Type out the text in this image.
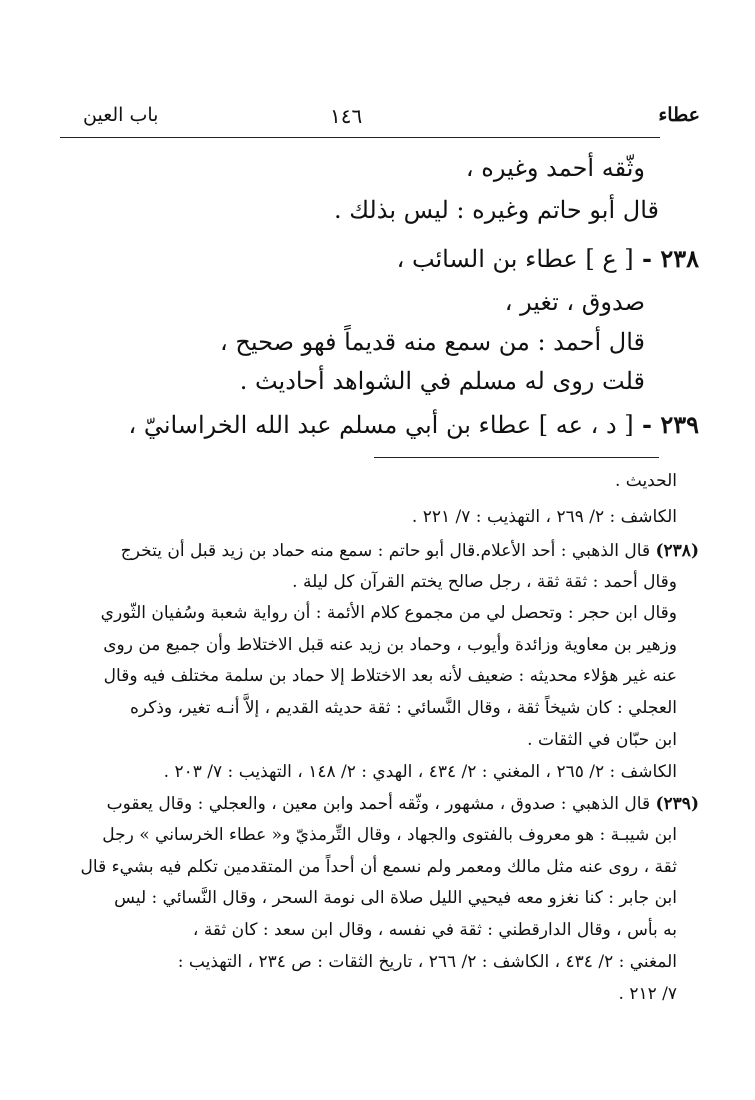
عطاء
١٤٦
باب العين
وثّقه أحمد وغيره ،
قال أبو حاتم وغيره : ليس بذلك .
٢٣٨ - [ ع ] عطاء بن السائب ،
صدوق ، تغير ،
قال أحمد : من سمع منه قديماً فهو صحيح ،
قلت روى له مسلم في الشواهد أحاديث .
٢٣٩ - [ د ، عه ] عطاء بن أبي مسلم عبد الله الخراسانيّ ،
الحديث .
الكاشف : ٢/ ٢٦٩ ، التهذيب : ٧/ ٢٢١ .
(٢٣٨) قال الذهبي : أحد الأعلام.قال أبو حاتم : سمع منه حماد بن زيد قبل أن يتخرج
وقال أحمد : ثقة ثقة ، رجل صالح يختم القرآن كل ليلة .
وقال ابن حجر : وتحصل لي من مجموع كلام الأئمة : أن رواية شعبة وسُفيان الثّوري
وزهير بن معاوية وزائدة وأيوب ، وحماد بن زيد عنه قبل الاختلاط وأن جميع من روى
عنه غير هؤلاء محديثه : ضعيف لأنه بعد الاختلاط إلا حماد بن سلمة مختلف فيه وقال
العجلي : كان شيخاً ثقة ، وقال النَّسائي : ثقة حديثه القديم ، إلاَّ أنـه تغير، وذكره
ابن حبّان في الثقات .
الكاشف : ٢/ ٢٦٥ ، المغني : ٢/ ٤٣٤ ، الهدي : ٢/ ١٤٨ ، التهذيب : ٧/ ٢٠٣ .
(٢٣٩) قال الذهبي : صدوق ، مشهور ، وثّقه أحمد وابن معين ، والعجلي : وقال يعقوب
ابن شيبـة : هو معروف بالفتوى والجهاد ، وقال التِّرمذيّ و« عطاء الخرساني » رجل
ثقة ، روى عنه مثل مالك ومعمر ولم نسمع أن أحداً من المتقدمين تكلم فيه بشيء قال
ابن جابر : كنا نغزو معه فيحيي الليل صلاة الى نومة السحر ، وقال النَّسائي : ليس
به بأس ، وقال الدارقطني : ثقة في نفسه ، وقال ابن سعد : كان ثقة ،
المغني : ٢/ ٤٣٤ ، الكاشف : ٢/ ٢٦٦ ، تاريخ الثقات : ص ٢٣٤ ، التهذيب :
٧/ ٢١٢ .
